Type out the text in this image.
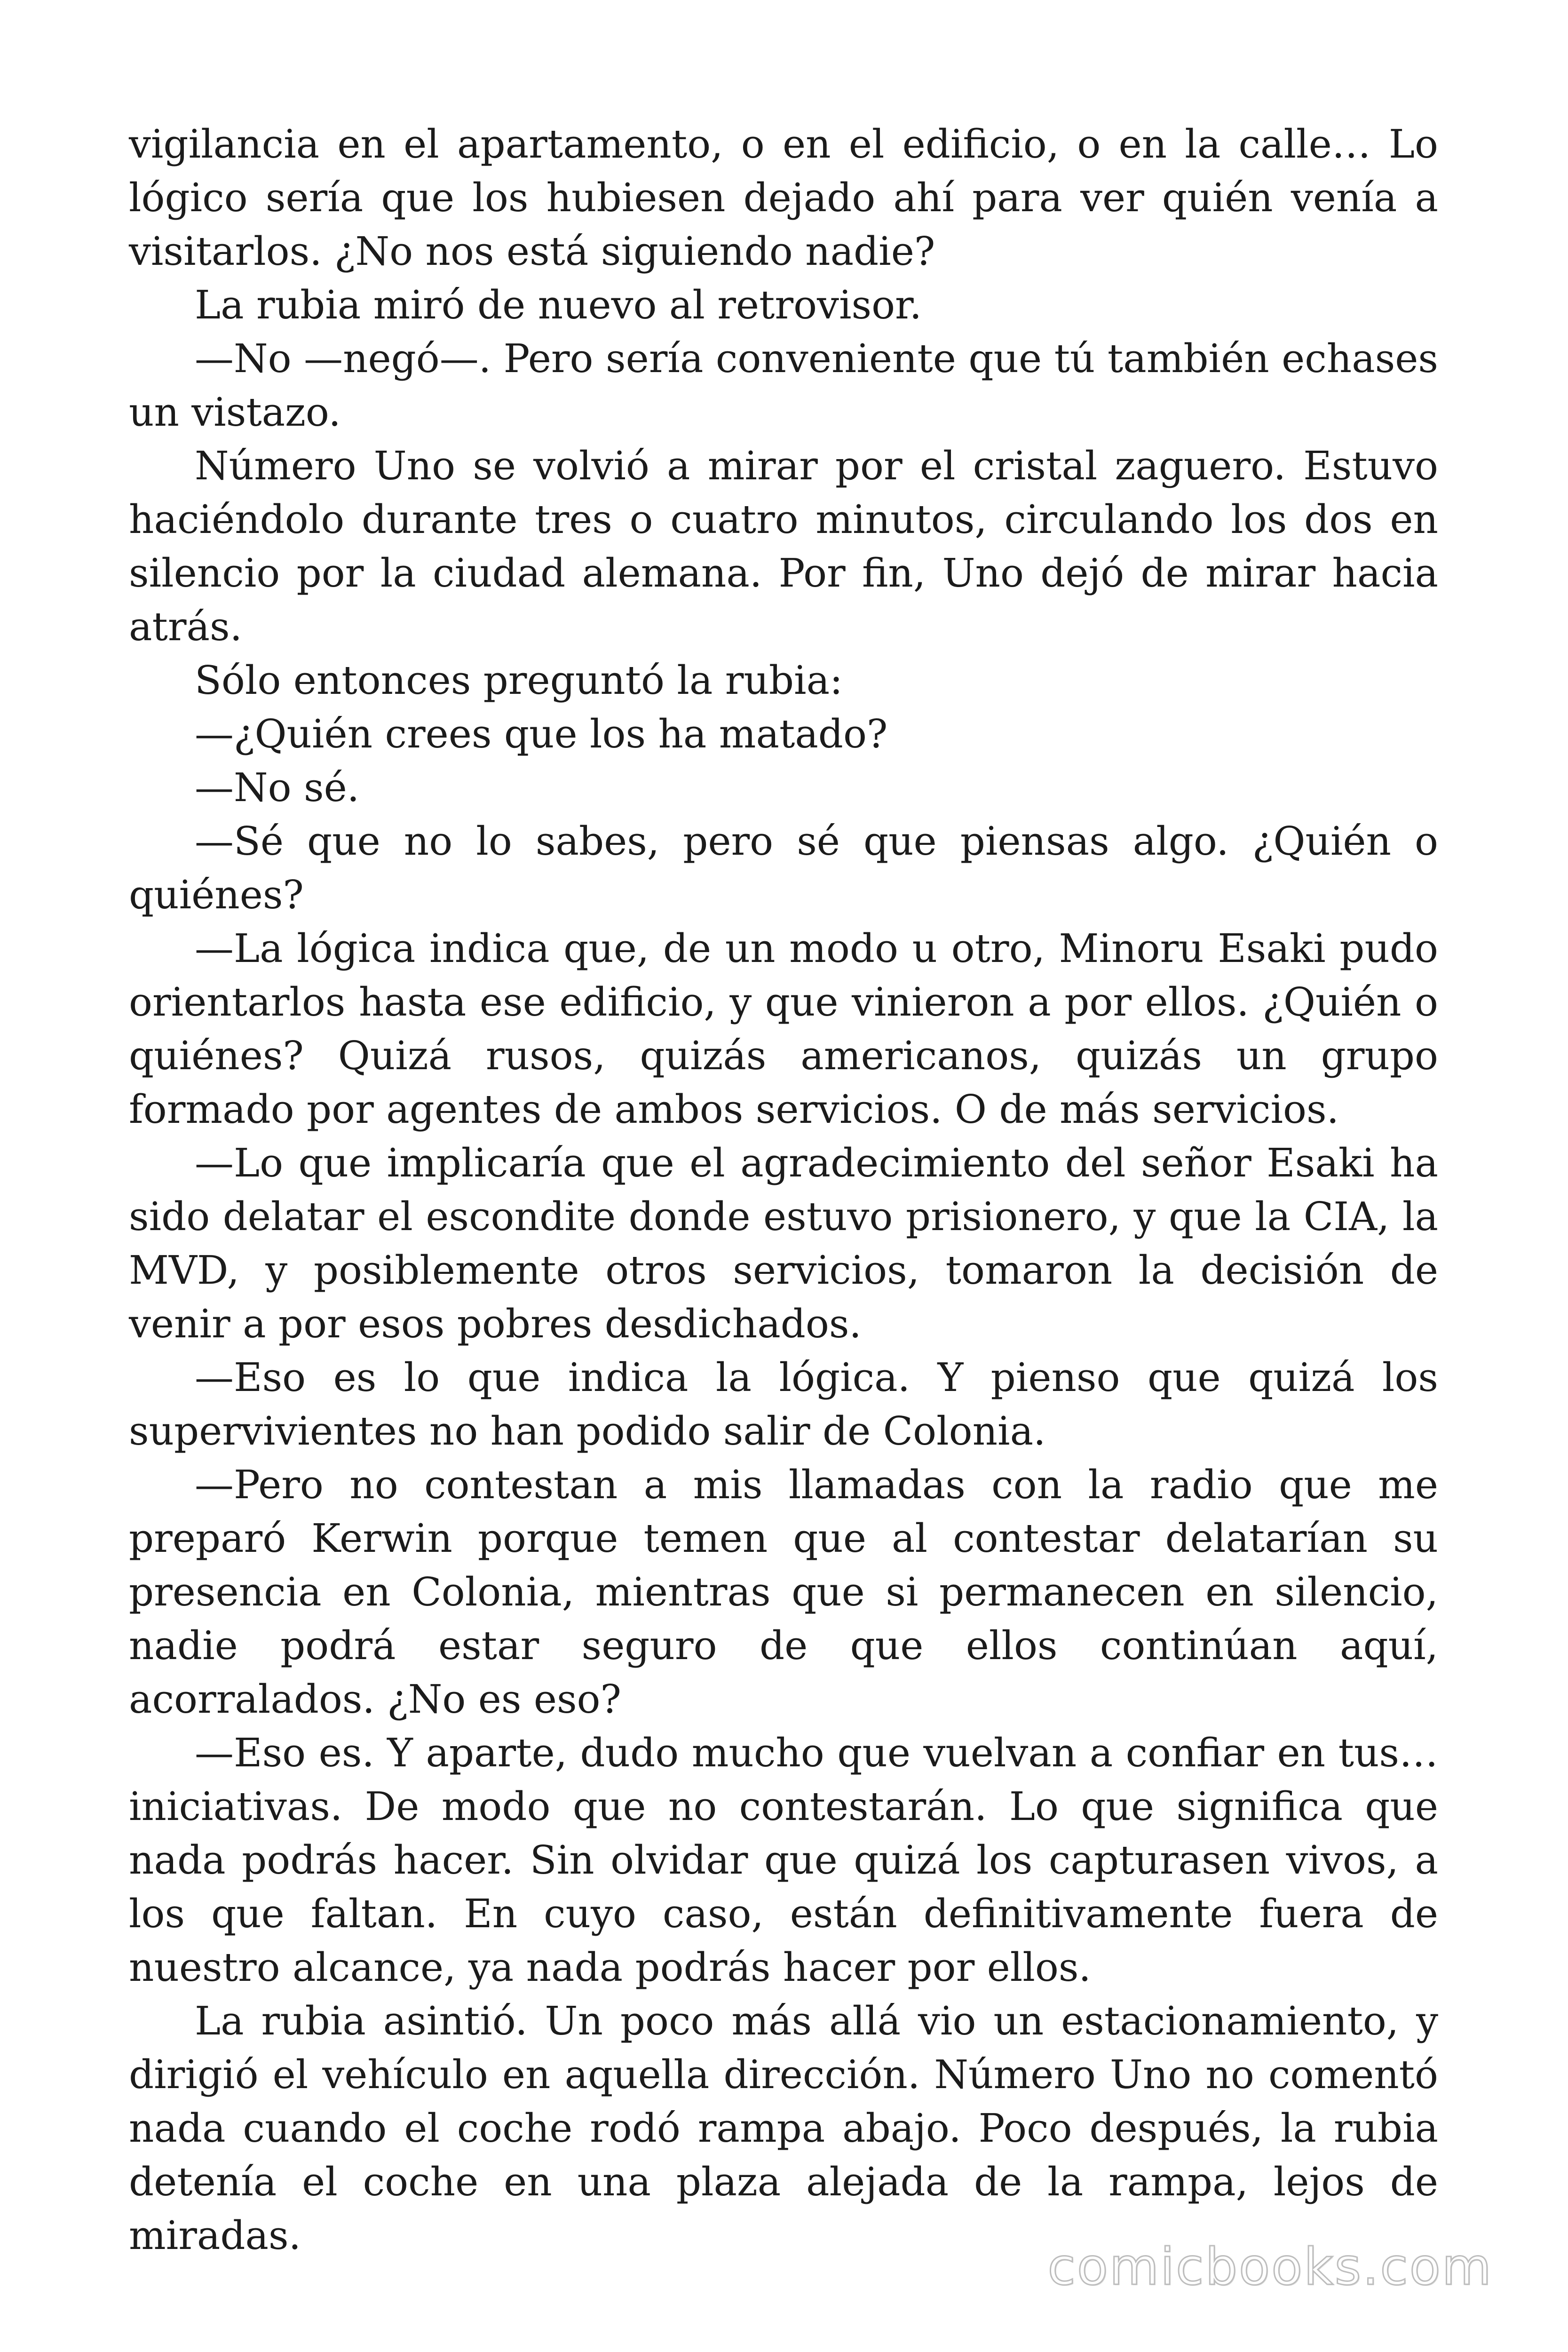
vigilancia en el apartamento, o en el edificio, o en la calle… Lo lógico sería que los hubiesen dejado ahí para ver quién venía a visitarlos. ¿No nos está siguiendo nadie?

La rubia miró de nuevo al retrovisor.

—No —negó—. Pero sería conveniente que tú también echases un vistazo.

Número Uno se volvió a mirar por el cristal zaguero. Estuvo haciéndolo durante tres o cuatro minutos, circulando los dos en silencio por la ciudad alemana. Por fin, Uno dejó de mirar hacia atrás.

Sólo entonces preguntó la rubia:

—¿Quién crees que los ha matado?

—No sé.

—Sé que no lo sabes, pero sé que piensas algo. ¿Quién o quiénes?

—La lógica indica que, de un modo u otro, Minoru Esaki pudo orientarlos hasta ese edificio, y que vinieron a por ellos. ¿Quién o quiénes? Quizá rusos, quizás americanos, quizás un grupo formado por agentes de ambos servicios. O de más servicios.

—Lo que implicaría que el agradecimiento del señor Esaki ha sido delatar el escondite donde estuvo prisionero, y que la CIA, la MVD, y posiblemente otros servicios, tomaron la decisión de venir a por esos pobres desdichados.

—Eso es lo que indica la lógica. Y pienso que quizá los supervivientes no han podido salir de Colonia.

—Pero no contestan a mis llamadas con la radio que me preparó Kerwin porque temen que al contestar delatarían su presencia en Colonia, mientras que si permanecen en silencio, nadie podrá estar seguro de que ellos continúan aquí, acorralados. ¿No es eso?

—Eso es. Y aparte, dudo mucho que vuelvan a confiar en tus… iniciativas. De modo que no contestarán. Lo que significa que nada podrás hacer. Sin olvidar que quizá los capturasen vivos, a los que faltan. En cuyo caso, están definitivamente fuera de nuestro alcance, ya nada podrás hacer por ellos.

La rubia asintió. Un poco más allá vio un estacionamiento, y dirigió el vehículo en aquella dirección. Número Uno no comentó nada cuando el coche rodó rampa abajo. Poco después, la rubia detenía el coche en una plaza alejada de la rampa, lejos de miradas.

comicbooks.com
